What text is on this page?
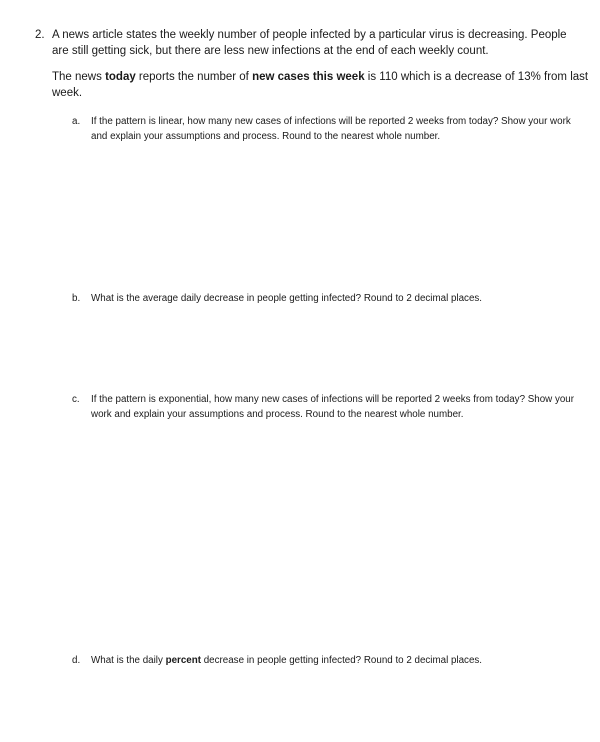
2. A news article states the weekly number of people infected by a particular virus is decreasing. People are still getting sick, but there are less new infections at the end of each weekly count.

The news today reports the number of new cases this week is 110 which is a decrease of 13% from last week.

a. If the pattern is linear, how many new cases of infections will be reported 2 weeks from today? Show your work and explain your assumptions and process. Round to the nearest whole number.

b. What is the average daily decrease in people getting infected? Round to 2 decimal places.

c. If the pattern is exponential, how many new cases of infections will be reported 2 weeks from today? Show your work and explain your assumptions and process. Round to the nearest whole number.

d. What is the daily percent decrease in people getting infected? Round to 2 decimal places.
